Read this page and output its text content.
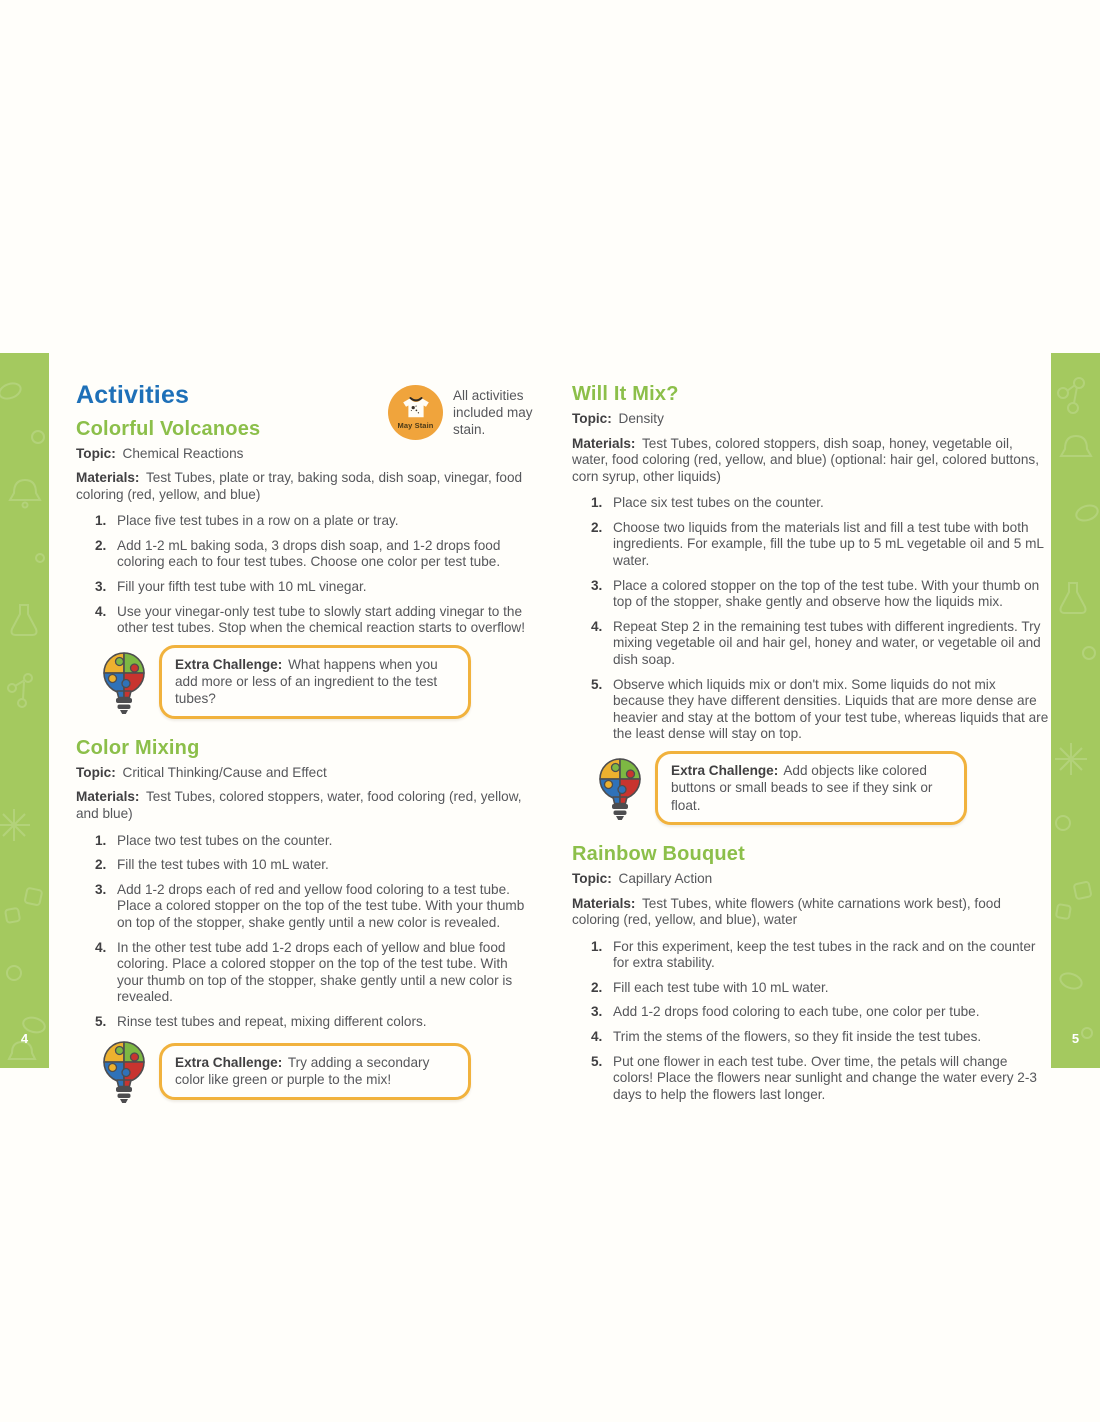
4	5
Activities
May Stain

All activities included may stain.

Colorful Volcanoes

Topic: Chemical Reactions

Materials: Test Tubes, plate or tray, baking soda, dish soap, vinegar, food coloring (red, yellow, and blue)

1. Place five test tubes in a row on a plate or tray.
2. Add 1-2 mL baking soda, 3 drops dish soap, and 1-2 drops food coloring each to four test tubes. Choose one color per test tube.
3. Fill your fifth test tube with 10 mL vinegar.
4. Use your vinegar-only test tube to slowly start adding vinegar to the other test tubes. Stop when the chemical reaction starts to overflow!
Extra Challenge: What happens when you add more or less of an ingredient to the test tubes?
Color Mixing

Topic: Critical Thinking/Cause and Effect

Materials: Test Tubes, colored stoppers, water, food coloring (red, yellow, and blue)

1. Place two test tubes on the counter.
2. Fill the test tubes with 10 mL water.
3. Add 1-2 drops each of red and yellow food coloring to a test tube. Place a colored stopper on the top of the test tube. With your thumb on top of the stopper, shake gently until a new color is revealed.
4. In the other test tube add 1-2 drops each of yellow and blue food coloring. Place a colored stopper on the top of the test tube. With your thumb on top of the stopper, shake gently until a new color is revealed.
5. Rinse test tubes and repeat, mixing different colors.
Extra Challenge: Try adding a secondary color like green or purple to the mix!
Will It Mix?

Topic: Density

Materials: Test Tubes, colored stoppers, dish soap, honey, vegetable oil, water, food coloring (red, yellow, and blue) (optional: hair gel, colored buttons, corn syrup, other liquids)

1. Place six test tubes on the counter.
2. Choose two liquids from the materials list and fill a test tube with both ingredients. For example, fill the tube up to 5 mL vegetable oil and 5 mL water.
3. Place a colored stopper on the top of the test tube. With your thumb on top of the stopper, shake gently and observe how the liquids mix.
4. Repeat Step 2 in the remaining test tubes with different ingredients. Try mixing vegetable oil and hair gel, honey and water, or vegetable oil and dish soap.
5. Observe which liquids mix or don't mix. Some liquids do not mix because they have different densities. Liquids that are more dense are heavier and stay at the bottom of your test tube, whereas liquids that are the least dense will stay on top.
Extra Challenge: Add objects like colored buttons or small beads to see if they sink or float.
Rainbow Bouquet

Topic: Capillary Action

Materials: Test Tubes, white flowers (white carnations work best), food coloring (red, yellow, and blue), water

1. For this experiment, keep the test tubes in the rack and on the counter for extra stability.
2. Fill each test tube with 10 mL water.
3. Add 1-2 drops food coloring to each tube, one color per tube.
4. Trim the stems of the flowers, so they fit inside the test tubes.
5. Put one flower in each test tube. Over time, the petals will change colors! Place the flowers near sunlight and change the water every 2-3 days to help the flowers last longer.
